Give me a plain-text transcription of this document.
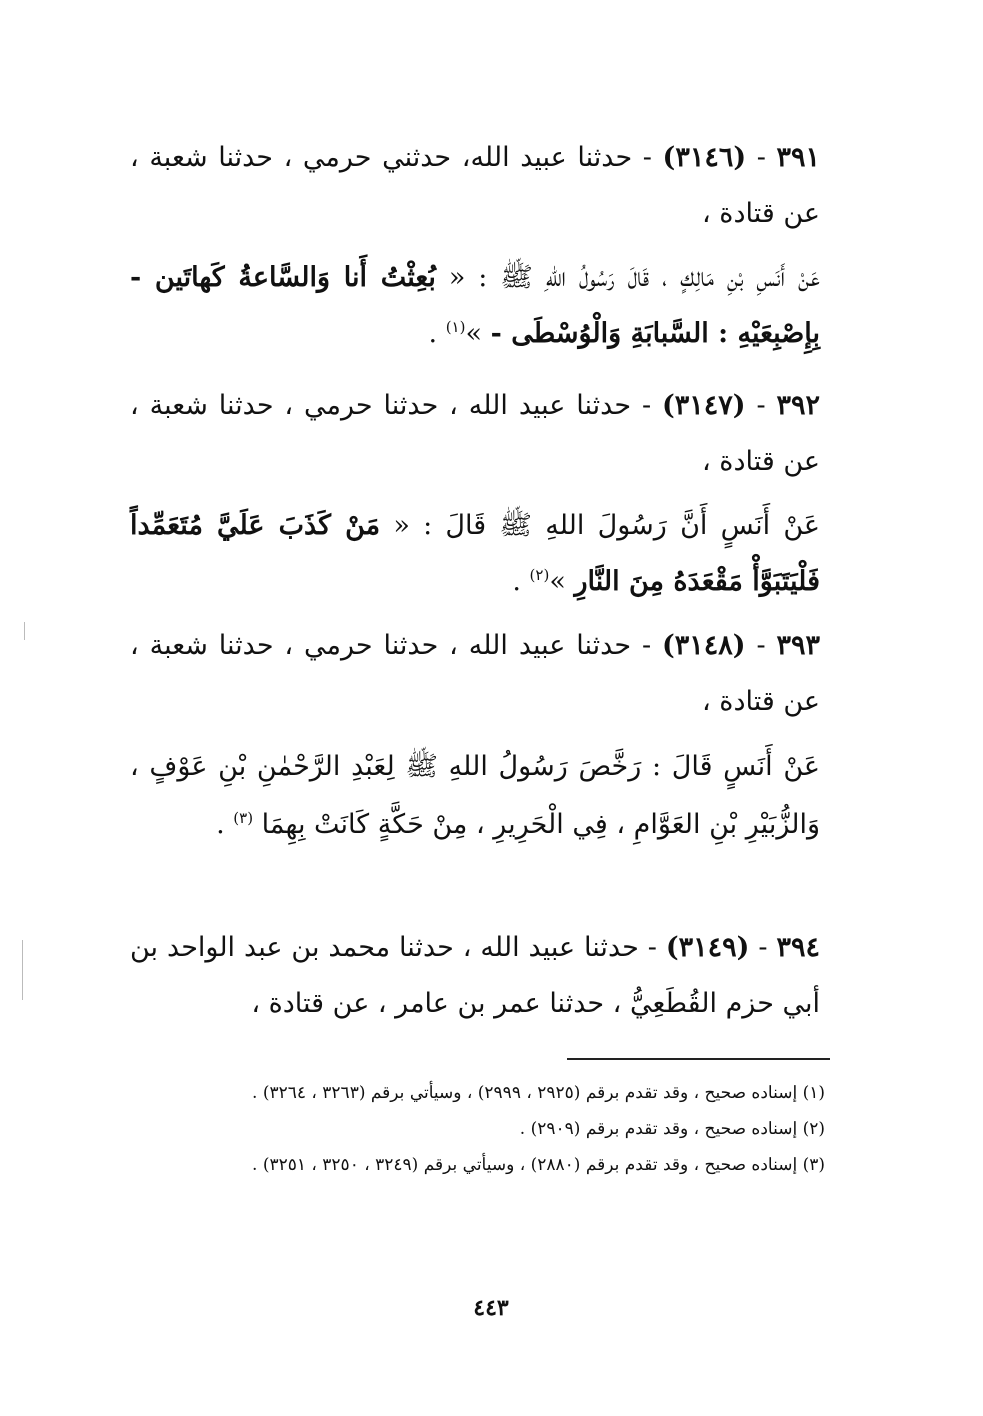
٣٩١ - (٣١٤٦) - حدثنا عبيد الله، حدثني حرمي ، حدثنا شعبة ، عن قتادة ،

عَنْ أَنَسِ بْنِ مَالِكٍ ، قَالَ رَسُولُ اللهِ ﷺ : « بُعِثْتُ أَنا وَالسَّاعةُ كَهاتَين - بِإِصْبِعَيْهِ : السَّبابَةِ وَالْوُسْطَى - »$^{(١)}$ .

٣٩٢ - (٣١٤٧) - حدثنا عبيد الله ، حدثنا حرمي ، حدثنا شعبة ، عن قتادة ،

عَنْ أَنَسٍ أَنَّ رَسُولَ اللهِ ﷺ قَالَ : « مَنْ كَذَبَ عَلَيَّ مُتَعَمِّداً فَلْيَتَبَوَّأْ مَقْعَدَهُ مِنَ النَّارِ »$^{(٢)}$ .

٣٩٣ - (٣١٤٨) - حدثنا عبيد الله ، حدثنا حرمي ، حدثنا شعبة ، عن قتادة ،

عَنْ أَنَسٍ قَالَ : رَخَّصَ رَسُولُ اللهِ ﷺ لِعَبْدِ الرَّحْمٰنِ بْنِ عَوْفٍ ، وَالزُّبَيْرِ بْنِ العَوَّامِ ، فِي الْحَرِيرِ ، مِنْ حَكَّةٍ كَانَتْ بِهِمَا $^{(٣)}$ .

٣٩٤ - (٣١٤٩) - حدثنا عبيد الله ، حدثنا محمد بن عبد الواحد بن أبي حزم القُطَعِيُّ ، حدثنا عمر بن عامر ، عن قتادة ،

(١) إسناده صحيح ، وقد تقدم برقم (٢٩٢٥ ، ٢٩٩٩) ، وسيأتي برقم (٣٢٦٣ ، ٣٢٦٤) .

(٢) إسناده صحيح ، وقد تقدم برقم (٢٩٠٩) .

(٣) إسناده صحيح ، وقد تقدم برقم (٢٨٨٠) ، وسيأتي برقم (٣٢٤٩ ، ٣٢٥٠ ، ٣٢٥١) .

٤٤٣
